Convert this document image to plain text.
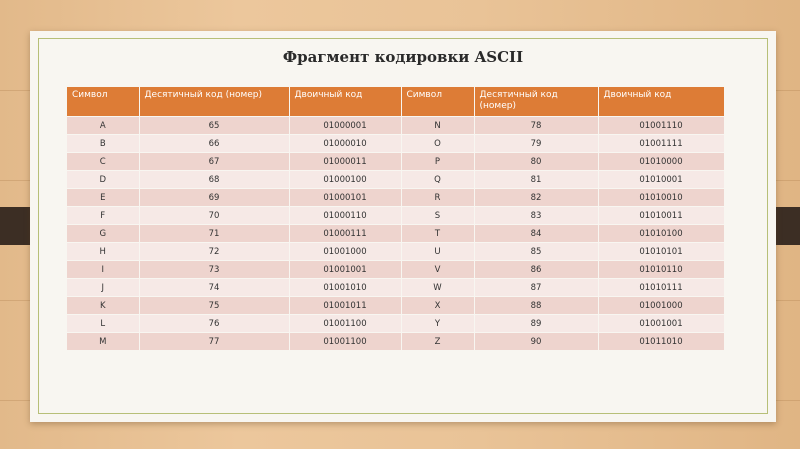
Фрагмент кодировки ASCII
Символ	Десятичный код (номер)	Двоичный код	Символ	Десятичный код (номер)	Двоичный код
A	65	01000001	N	78	01001110
B	66	01000010	O	79	01001111
C	67	01000011	P	80	01010000
D	68	01000100	Q	81	01010001
E	69	01000101	R	82	01010010
F	70	01000110	S	83	01010011
G	71	01000111	T	84	01010100
H	72	01001000	U	85	01010101
I	73	01001001	V	86	01010110
J	74	01001010	W	87	01010111
K	75	01001011	X	88	01001000
L	76	01001100	Y	89	01001001
M	77	01001100	Z	90	01011010
